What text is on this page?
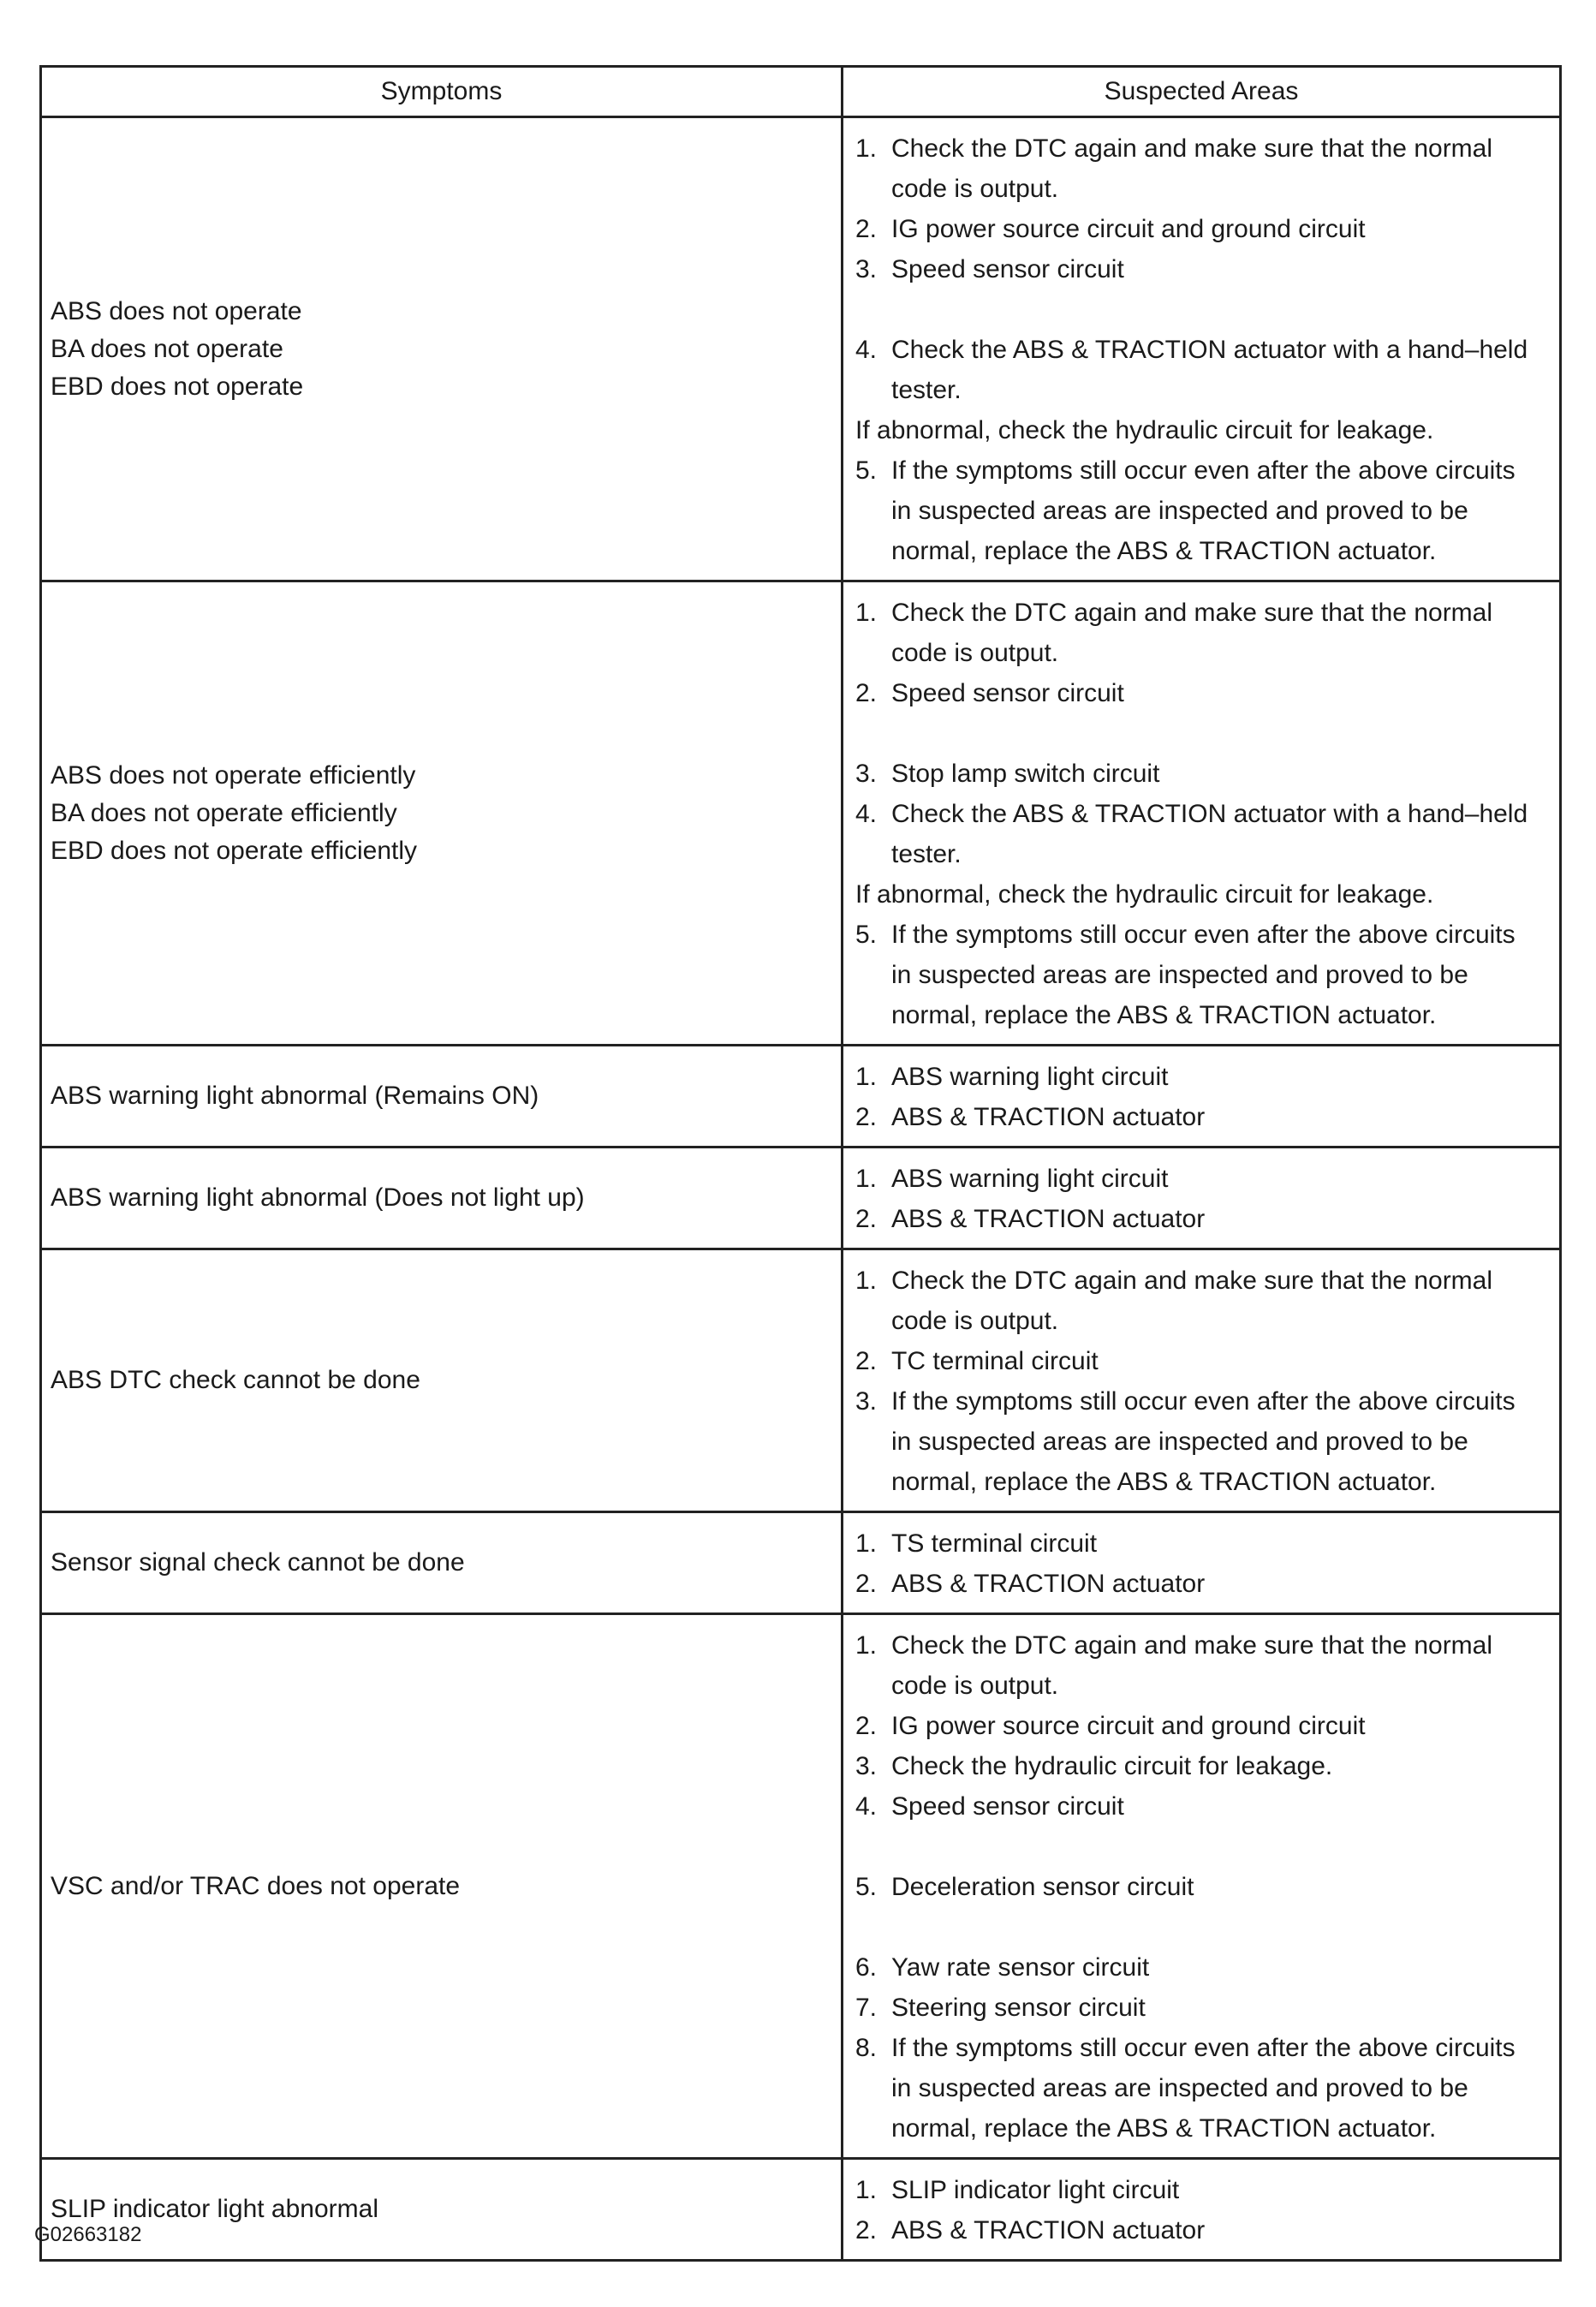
Symptoms	Suspected Areas
ABS does not operate
BA does not operate
EBD does not operate
1. Check the DTC again and make sure that the normal
code is output.
2. IG power source circuit and ground circuit
3. Speed sensor circuit
4. Check the ABS & TRACTION actuator with a hand–held
tester.
If abnormal, check the hydraulic circuit for leakage.
5. If the symptoms still occur even after the above circuits
in suspected areas are inspected and proved to be
normal, replace the ABS & TRACTION actuator.
ABS does not operate efficiently
BA does not operate efficiently
EBD does not operate efficiently
1. Check the DTC again and make sure that the normal
code is output.
2. Speed sensor circuit
3. Stop lamp switch circuit
4. Check the ABS & TRACTION actuator with a hand–held
tester.
If abnormal, check the hydraulic circuit for leakage.
5. If the symptoms still occur even after the above circuits
in suspected areas are inspected and proved to be
normal, replace the ABS & TRACTION actuator.
ABS warning light abnormal (Remains ON)
1. ABS warning light circuit
2. ABS & TRACTION actuator
ABS warning light abnormal (Does not light up)
1. ABS warning light circuit
2. ABS & TRACTION actuator
ABS DTC check cannot be done
1. Check the DTC again and make sure that the normal
code is output.
2. TC terminal circuit
3. If the symptoms still occur even after the above circuits
in suspected areas are inspected and proved to be
normal, replace the ABS & TRACTION actuator.
Sensor signal check cannot be done
1. TS terminal circuit
2. ABS & TRACTION actuator
VSC and/or TRAC does not operate
1. Check the DTC again and make sure that the normal
code is output.
2. IG power source circuit and ground circuit
3. Check the hydraulic circuit for leakage.
4. Speed sensor circuit
5. Deceleration sensor circuit
6. Yaw rate sensor circuit
7. Steering sensor circuit
8. If the symptoms still occur even after the above circuits
in suspected areas are inspected and proved to be
normal, replace the ABS & TRACTION actuator.
SLIP indicator light abnormal
1. SLIP indicator light circuit
2. ABS & TRACTION actuator
G02663182
